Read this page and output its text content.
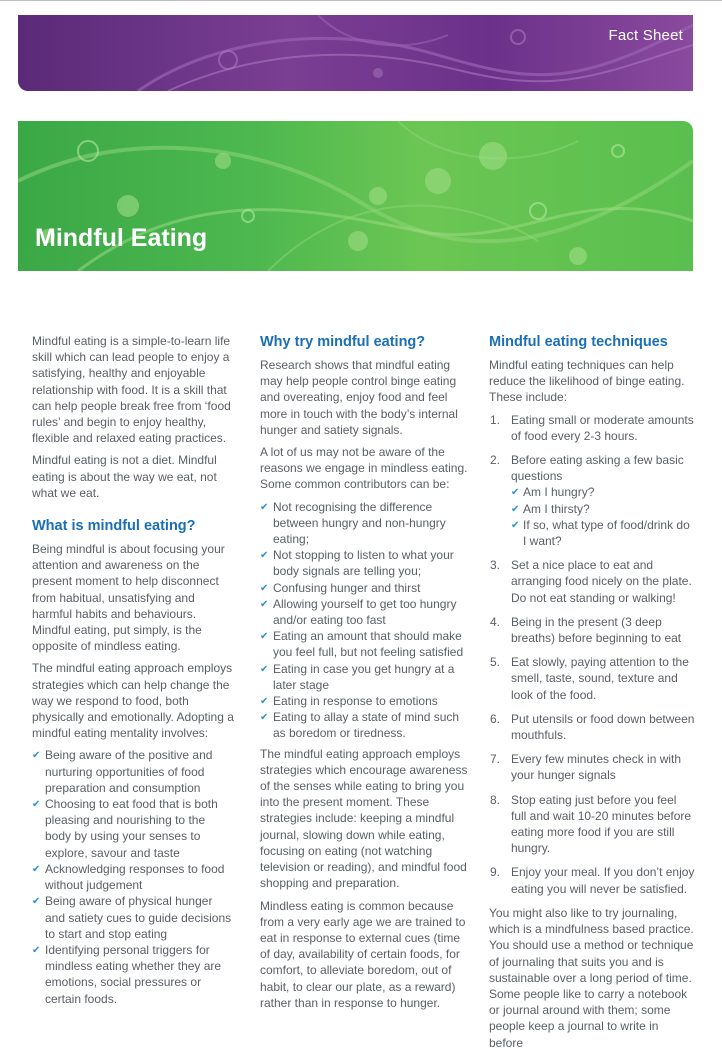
Fact Sheet
Mindful Eating

Mindful eating is a simple-to-learn life skill which can lead people to enjoy a satisfying, healthy and enjoyable relationship with food. It is a skill that can help people break free from ‘food rules’ and begin to enjoy healthy, flexible and relaxed eating practices.

Mindful eating is not a diet. Mindful eating is about the way we eat, not what we eat.

What is mindful eating?

Being mindful is about focusing your attention and awareness on the present moment to help disconnect from habitual, unsatisfying and harmful habits and behaviours. Mindful eating, put simply, is the opposite of mindless eating.

The mindful eating approach employs strategies which can help change the way we respond to food, both physically and emotionally. Adopting a mindful eating mentality involves:

✔ Being aware of the positive and nurturing opportunities of food preparation and consumption
✔ Choosing to eat food that is both pleasing and nourishing to the body by using your senses to explore, savour and taste
✔ Acknowledging responses to food without judgement
✔ Being aware of physical hunger and satiety cues to guide decisions to start and stop eating
✔ Identifying personal triggers for mindless eating whether they are emotions, social pressures or certain foods.
Why try mindful eating?

Research shows that mindful eating may help people control binge eating and overeating, enjoy food and feel more in touch with the body’s internal hunger and satiety signals.

A lot of us may not be aware of the reasons we engage in mindless eating. Some common contributors can be:

✔ Not recognising the difference between hungry and non-hungry eating;
✔ Not stopping to listen to what your body signals are telling you;
✔ Confusing hunger and thirst
✔ Allowing yourself to get too hungry and/or eating too fast
✔ Eating an amount that should make you feel full, but not feeling satisfied
✔ Eating in case you get hungry at a later stage
✔ Eating in response to emotions
✔ Eating to allay a state of mind such as boredom or tiredness.

The mindful eating approach employs strategies which encourage awareness of the senses while eating to bring you into the present moment. These strategies include: keeping a mindful journal, slowing down while eating, focusing on eating (not watching television or reading), and mindful food shopping and preparation.

Mindless eating is common because from a very early age we are trained to eat in response to external cues (time of day, availability of certain foods, for comfort, to alleviate boredom, out of habit, to clear our plate, as a reward) rather than in response to hunger.

Mindful eating techniques

Mindful eating techniques can help reduce the likelihood of binge eating. These include:

1. Eating small or moderate amounts of food every 2-3 hours.
2. Before eating asking a few basic questions
✔ Am I hungry?
✔ Am I thirsty?
✔ If so, what type of food/drink do I want?
3. Set a nice place to eat and arranging food nicely on the plate. Do not eat standing or walking!
4. Being in the present (3 deep breaths) before beginning to eat
5. Eat slowly, paying attention to the smell, taste, sound, texture and look of the food.
6. Put utensils or food down between mouthfuls.
7. Every few minutes check in with your hunger signals
8. Stop eating just before you feel full and wait 10-20 minutes before eating more food if you are still hungry.
9. Enjoy your meal. If you don’t enjoy eating you will never be satisfied.

You might also like to try journaling, which is a mindfulness based practice. You should use a method or technique of journaling that suits you and is sustainable over a long period of time. Some people like to carry a notebook or journal around with them; some people keep a journal to write in before
